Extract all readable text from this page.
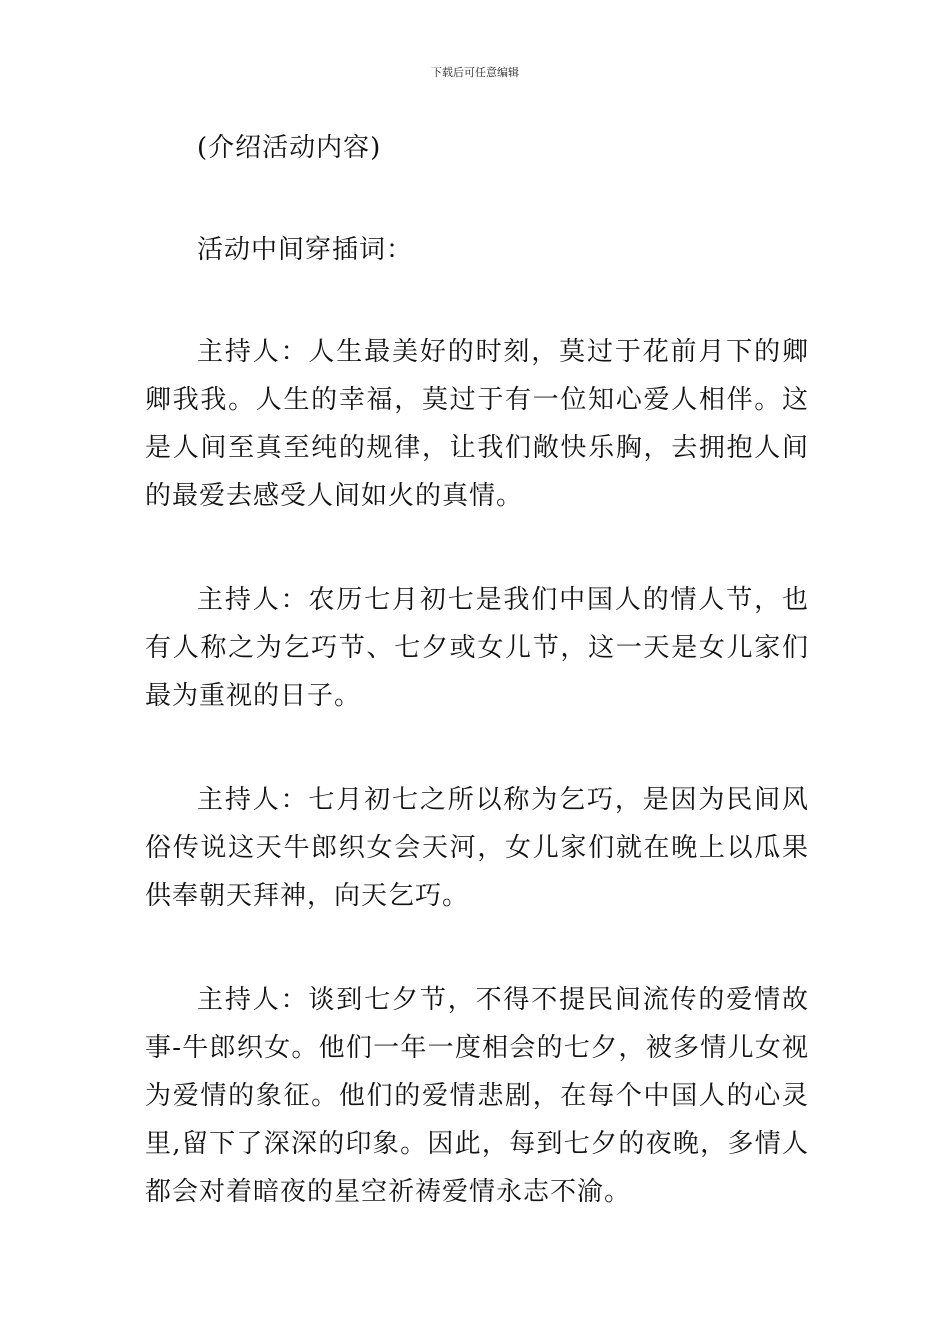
下载后可任意编辑

(介绍活动内容)

活动中间穿插词：

主持人：人生最美好的时刻，莫过于花前月下的卿卿我我。人生的幸福，莫过于有一位知心爱人相伴。这是人间至真至纯的规律，让我们敞快乐胸，去拥抱人间的最爱去感受人间如火的真情。

主持人：农历七月初七是我们中国人的情人节，也有人称之为乞巧节、七夕或女儿节，这一天是女儿家们最为重视的日子。

主持人：七月初七之所以称为乞巧，是因为民间风俗传说这天牛郎织女会天河，女儿家们就在晚上以瓜果供奉朝天拜神，向天乞巧。

主持人：谈到七夕节，不得不提民间流传的爱情故事-牛郎织女。他们一年一度相会的七夕，被多情儿女视为爱情的象征。他们的爱情悲剧，在每个中国人的心灵里,留下了深深的印象。因此，每到七夕的夜晚，多情人都会对着暗夜的星空祈祷爱情永志不渝。
